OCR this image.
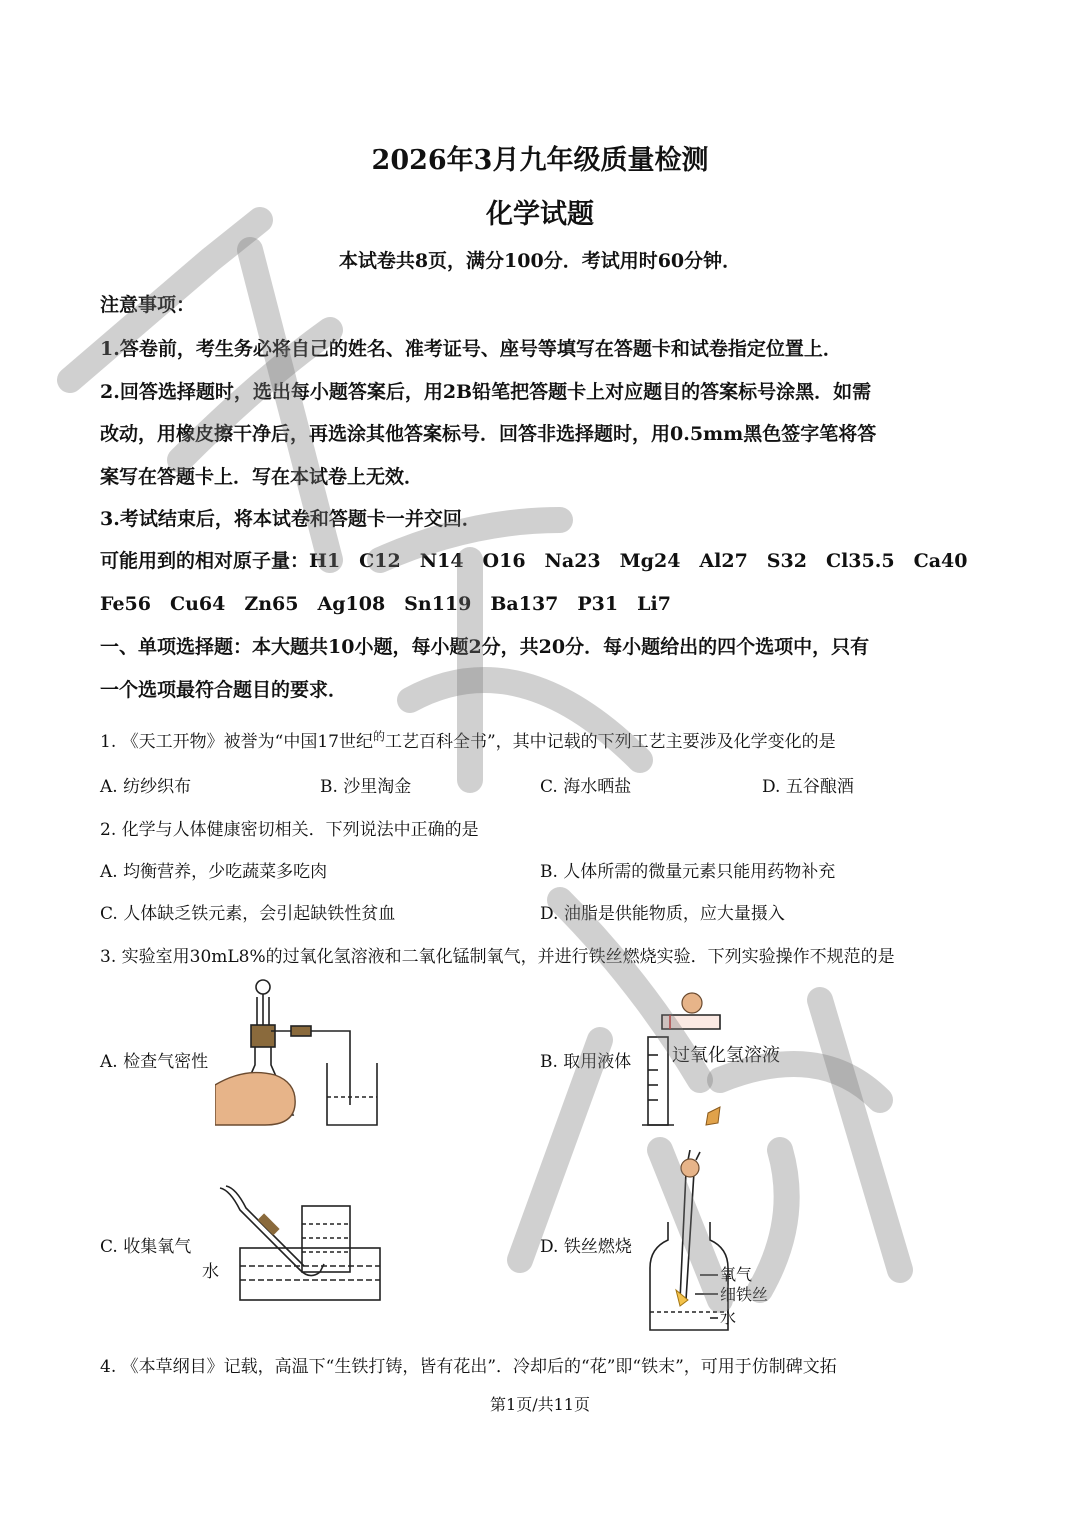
2026年3月九年级质量检测
化学试题
本试卷共8页，满分100分．考试用时60分钟．
注意事项：
1.答卷前，考生务必将自己的姓名、准考证号、座号等填写在答题卡和试卷指定位置上．
2.回答选择题时，选出每小题答案后，用2B铅笔把答题卡上对应题目的答案标号涂黑．如需
改动，用橡皮擦干净后，再选涂其他答案标号．回答非选择题时，用0.5mm黑色签字笔将答
案写在答题卡上．写在本试卷上无效．
3.考试结束后，将本试卷和答题卡一并交回．
可能用到的相对原子量：H1　C12　N14　O16　Na23　Mg24　Al27　S32　Cl35.5　Ca40
Fe56　Cu64　Zn65　Ag108　Sn119　Ba137　P31　Li7
一、单项选择题：本大题共10小题，每小题2分，共20分．每小题给出的四个选项中，只有
一个选项最符合题目的要求．
1. 《天工开物》被誉为“中国17世纪$^的$工艺百科全书”，其中记载的下列工艺主要涉及化学变化的是
A. 纺纱织布	B. 沙里淘金	C. 海水晒盐	D. 五谷酿酒
2. 化学与人体健康密切相关．下列说法中正确的是
A. 均衡营养，少吃蔬菜多吃肉	B. 人体所需的微量元素只能用药物补充
C. 人体缺乏铁元素，会引起缺铁性贫血	D. 油脂是供能物质，应大量摄入
3. 实验室用30mL8%的过氧化氢溶液和二氧化锰制氧气，并进行铁丝燃烧实验．下列实验操作不规范的是
A. 检查气密性	B. 取用液体
C. 收集氧气	D. 铁丝燃烧
过氧化氢溶液
水	氧气
细铁丝
水
4. 《本草纲目》记载，高温下“生铁打铸，皆有花出”．冷却后的“花”即“铁末”，可用于仿制碑文拓
第1页/共11页
